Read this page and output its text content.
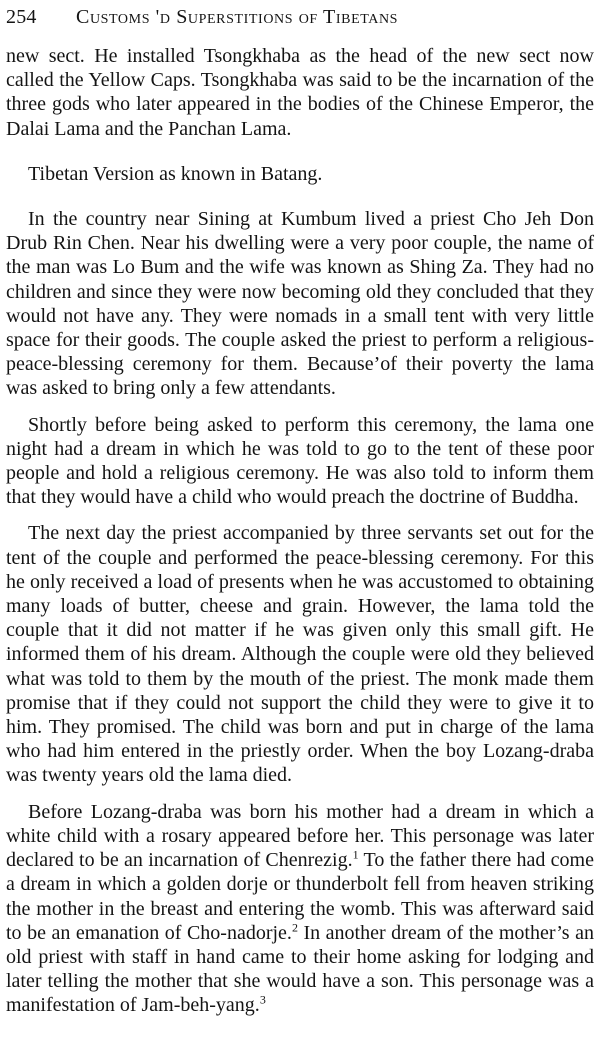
254 Customs 'd Superstitions of Tibetans

new sect. He installed Tsongkhaba as the head of the new sect now called the Yellow Caps. Tsongkhaba was said to be the incarnation of the three gods who later appeared in the bodies of the Chinese Emperor, the Dalai Lama and the Panchan Lama.

Tibetan Version as known in Batang.

In the country near Sining at Kumbum lived a priest Cho Jeh Don Drub Rin Chen. Near his dwelling were a very poor couple, the name of the man was Lo Bum and the wife was known as Shing Za. They had no children and since they were now becoming old they concluded that they would not have any. They were nomads in a small tent with very little space for their goods. The couple asked the priest to perform a religious-peace-blessing ceremony for them. Because’of their poverty the lama was asked to bring only a few attendants.

Shortly before being asked to perform this ceremony, the lama one night had a dream in which he was told to go to the tent of these poor people and hold a religious ceremony. He was also told to inform them that they would have a child who would preach the doctrine of Buddha.

The next day the priest accompanied by three servants set out for the tent of the couple and performed the peace-blessing ceremony. For this he only received a load of presents when he was accustomed to obtaining many loads of butter, cheese and grain. However, the lama told the couple that it did not matter if he was given only this small gift. He informed them of his dream. Although the couple were old they believed what was told to them by the mouth of the priest. The monk made them promise that if they could not support the child they were to give it to him. They promised. The child was born and put in charge of the lama who had him entered in the priestly order. When the boy Lozang-draba was twenty years old the lama died.

Before Lozang-draba was born his mother had a dream in which a white child with a rosary appeared before her. This personage was later declared to be an incarnation of Chenrezig.$^1$ To the father there had come a dream in which a golden dorje or thunderbolt fell from heaven striking the mother in the breast and entering the womb. This was afterward said to be an emanation of Cho-nadorje.$^2$ In another dream of the mother’s an old priest with staff in hand came to their home asking for lodging and later telling the mother that she would have a son. This personage was a manifestation of Jam-beh-yang.$^3$
